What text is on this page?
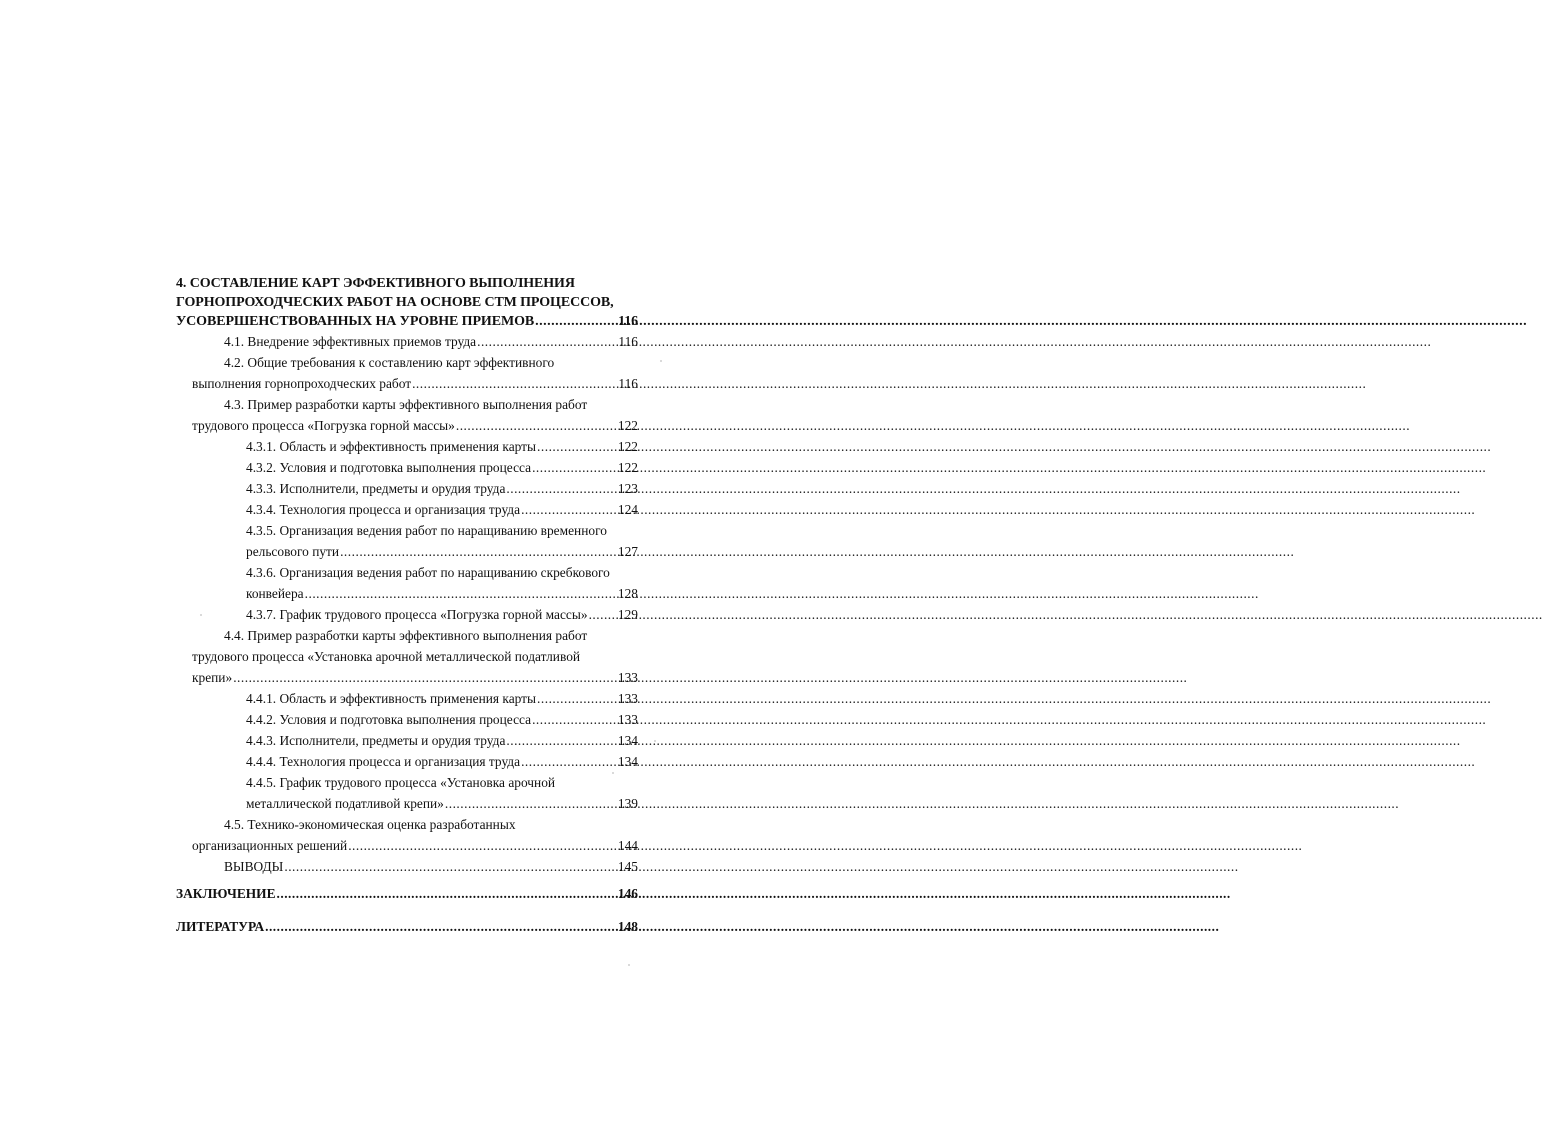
4. СОСТАВЛЕНИЕ КАРТ ЭФФЕКТИВНОГО ВЫПОЛНЕНИЯ
ГОРНОПРОХОДЧЕСКИХ РАБОТ НА ОСНОВЕ СТМ ПРОЦЕССОВ,
УСОВЕРШЕНСТВОВАННЫХ НА УРОВНЕ ПРИЕМОВ .....	116
4.1. Внедрение эффективных приемов труда .....	116
4.2. Общие требования к составлению карт эффективного
выполнения горнопроходческих работ .....	116
4.3. Пример разработки карты эффективного выполнения работ
трудового процесса «Погрузка горной массы» .....	122
4.3.1. Область и эффективность применения карты .....	122
4.3.2. Условия и подготовка выполнения процесса .....	122
4.3.3. Исполнители, предметы и орудия труда .....	123
4.3.4. Технология процесса и организация труда .....	124
4.3.5. Организация ведения работ по наращиванию временного
рельсового пути .....	127
4.3.6. Организация ведения работ по наращиванию скребкового
конвейера .....	128
4.3.7. График трудового процесса «Погрузка горной массы» ..... 129
4.4. Пример разработки карты эффективного выполнения работ
трудового процесса «Установка арочной металлической податливой
крепи» .....	133
4.4.1. Область и эффективность применения карты .....	133
4.4.2. Условия и подготовка выполнения процесса .....	133
4.4.3. Исполнители, предметы и орудия труда .....	134
4.4.4. Технология процесса и организация труда .....	134
4.4.5. График трудового процесса «Установка арочной
металлической податливой крепи» .....	139
4.5. Технико-экономическая оценка разработанных
организационных решений .....	144
ВЫВОДЫ .....	145
ЗАКЛЮЧЕНИЕ .....	146
ЛИТЕРАТУРА .....	148
